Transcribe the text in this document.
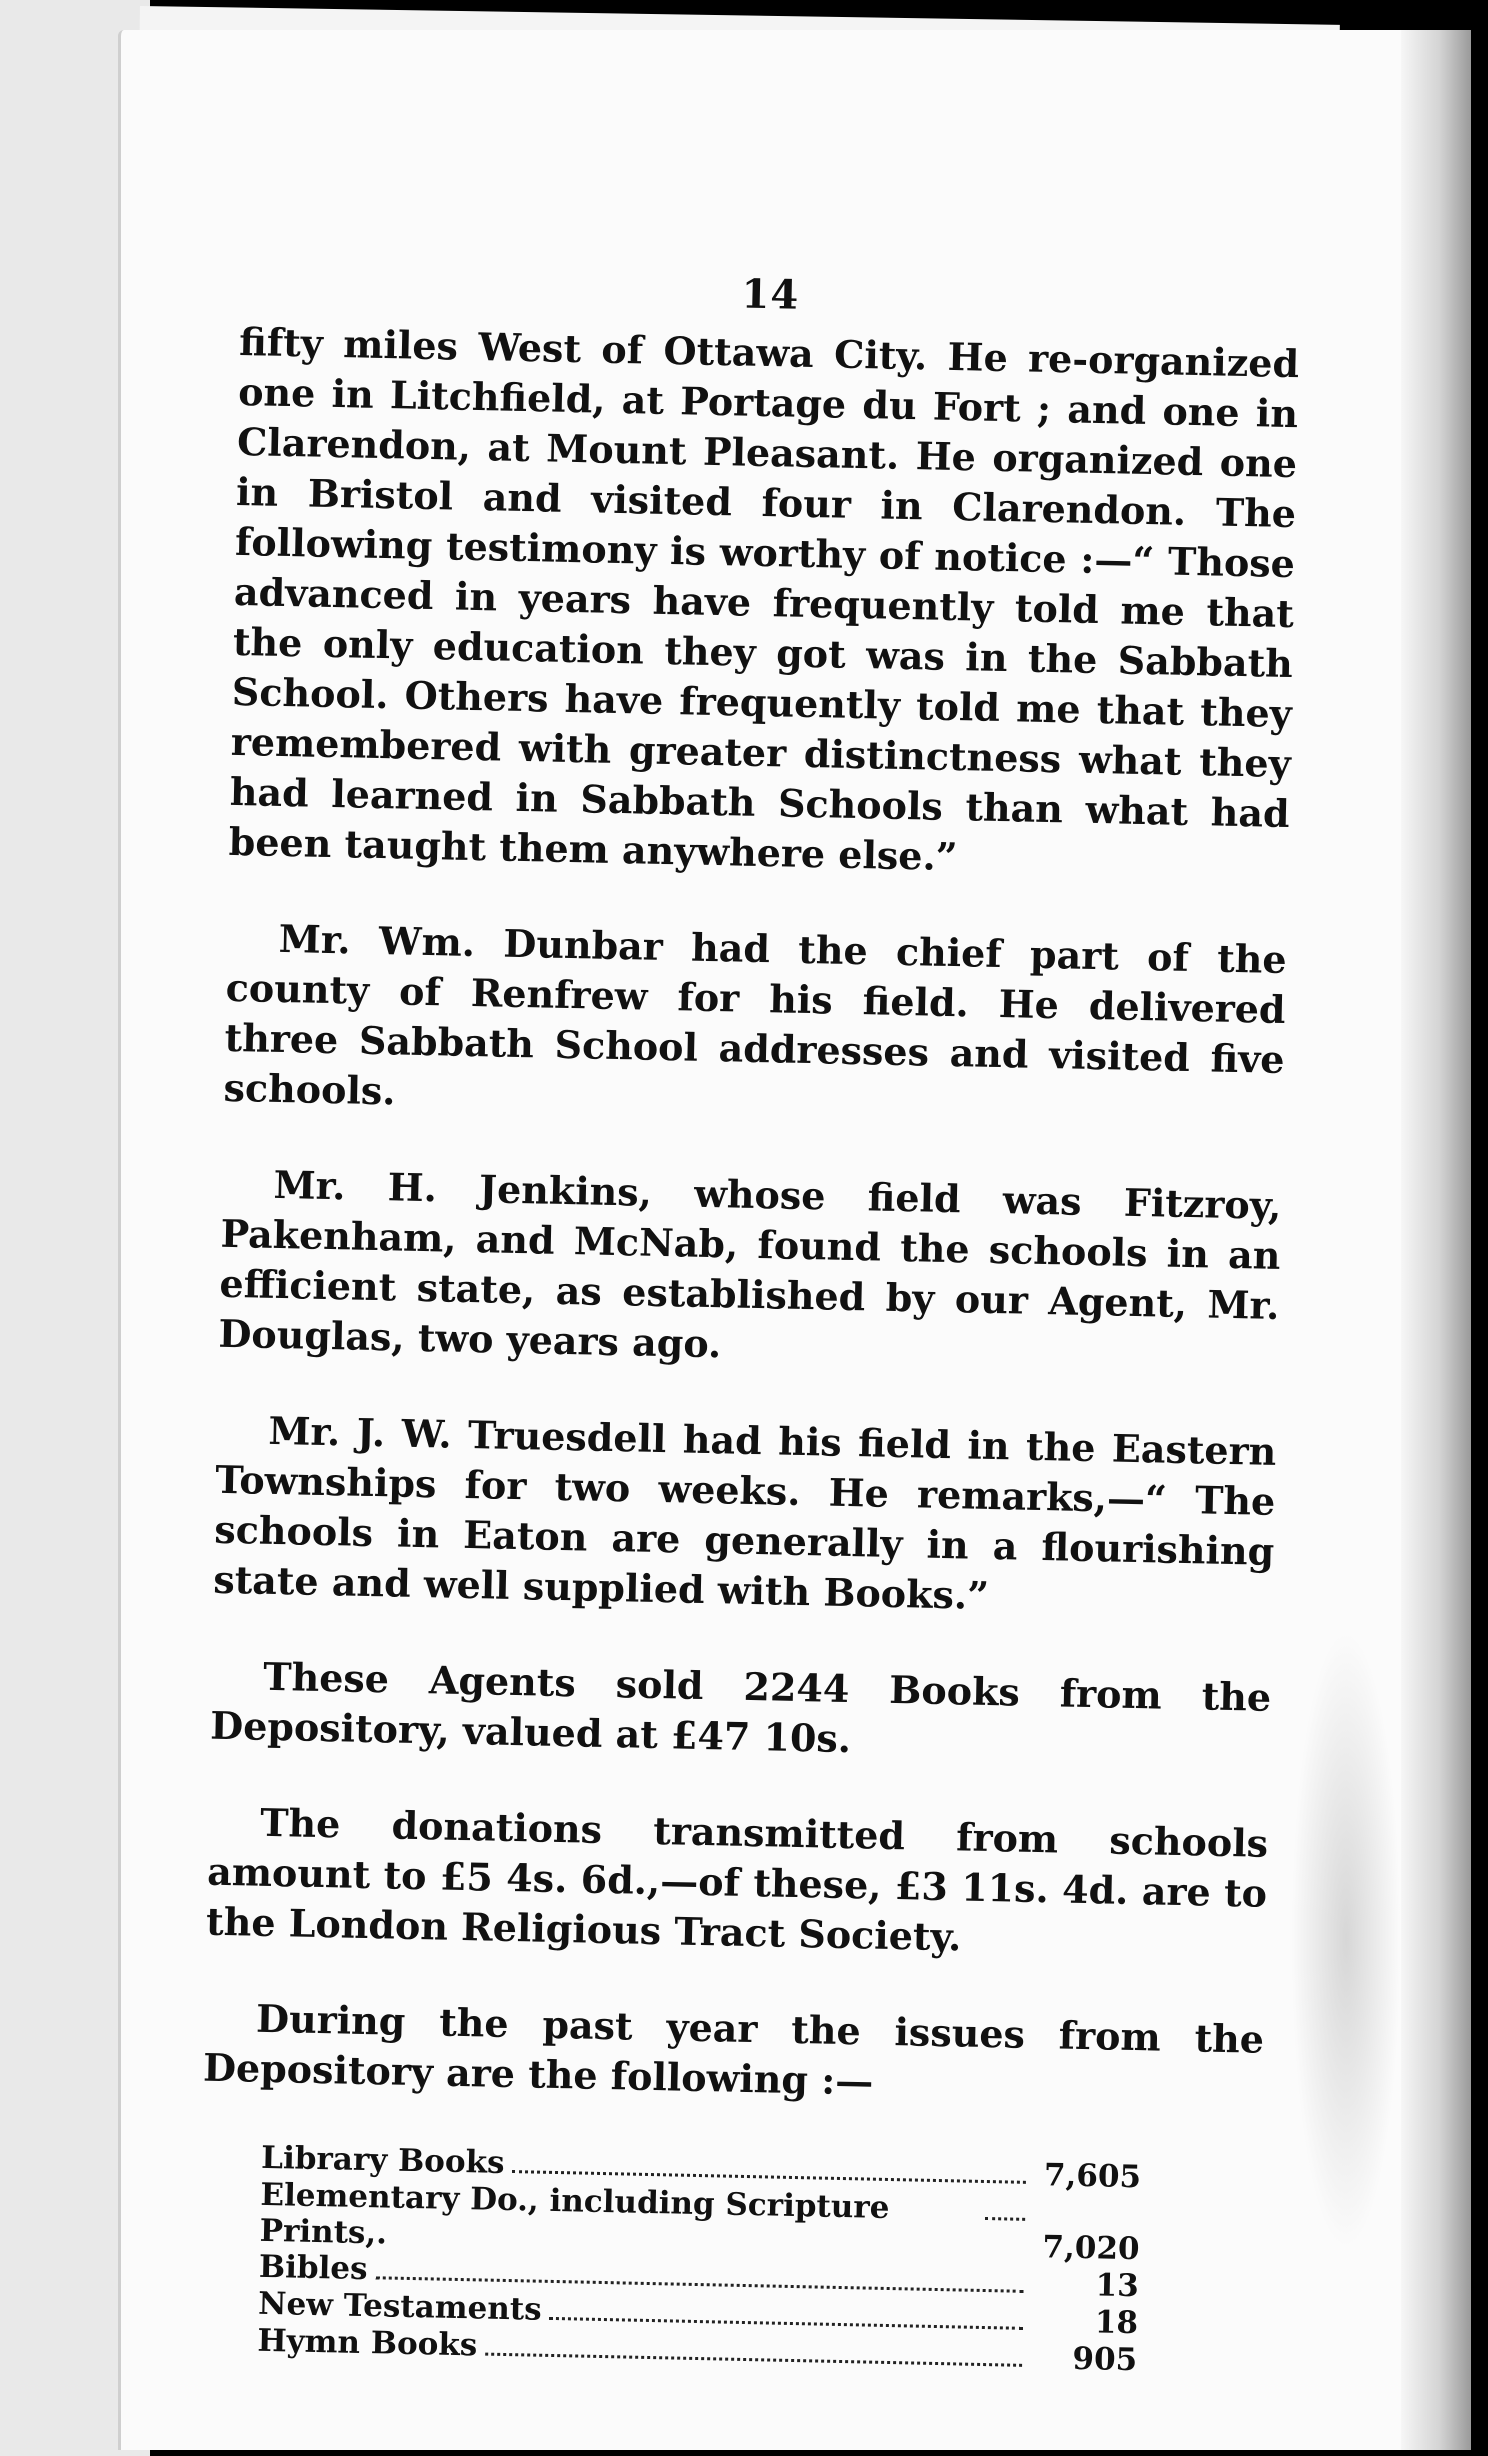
14

fifty miles West of Ottawa City. He re-organized one in Litchfield, at Portage du Fort ; and one in Clarendon, at Mount Pleasant. He organized one in Bristol and visited four in Clarendon. The following testimony is worthy of notice :—“ Those advanced in years have frequently told me that the only education they got was in the Sabbath School. Others have frequently told me that they remembered with greater distinctness what they had learned in Sabbath Schools than what had been taught them anywhere else.”

Mr. Wm. Dunbar had the chief part of the county of Renfrew for his field. He delivered three Sabbath School addresses and visited five schools.

Mr. H. Jenkins, whose field was Fitzroy, Pakenham, and McNab, found the schools in an efficient state, as established by our Agent, Mr. Douglas, two years ago.

Mr. J. W. Truesdell had his field in the Eastern Townships for two weeks. He remarks,—“ The schools in Eaton are generally in a flourishing state and well supplied with Books.”

These Agents sold 2244 Books from the Depository, valued at £47 10s.

The donations transmitted from schools amount to £5 4s. 6d.,—of these, £3 11s. 4d. are to the London Religious Tract Society.

During the past year the issues from the Depository are the following :—

Library Books	7,605

Elementary Do., including Scripture Prints,.	7,020

Bibles	13

New Testaments	18

Hymn Books	905
